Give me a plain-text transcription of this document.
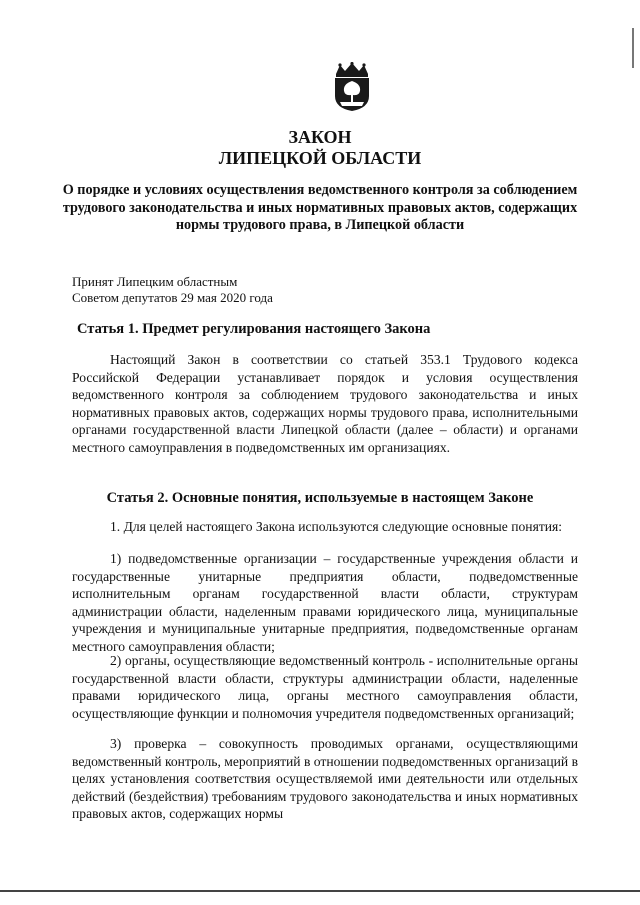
ЗАКОН
ЛИПЕЦКОЙ ОБЛАСТИ
О порядке и условиях осуществления ведомственного контроля за соблюдением трудового законодательства и иных нормативных правовых актов, содержащих нормы трудового права, в Липецкой области
Принят Липецким областным
Советом депутатов 29 мая 2020 года
Статья 1. Предмет регулирования настоящего Закона
Настоящий Закон в соответствии со статьей 353.1 Трудового кодекса Российской Федерации устанавливает порядок и условия осуществления ведомственного контроля за соблюдением трудового законодательства и иных нормативных правовых актов, содержащих нормы трудового права, исполнительными органами государственной власти Липецкой области (далее – области) и органами местного самоуправления в подведомственных им организациях.
Статья 2. Основные понятия, используемые в настоящем Законе
1. Для целей настоящего Закона используются следующие основные понятия:
1) подведомственные организации – государственные учреждения области и государственные унитарные предприятия области, подведомственные исполнительным органам государственной власти области, структурам администрации области, наделенным правами юридического лица, муниципальные учреждения и муниципальные унитарные предприятия, подведомственные органам местного самоуправления области;
2) органы, осуществляющие ведомственный контроль - исполнительные органы государственной власти области, структуры администрации области, наделенные правами юридического лица, органы местного самоуправления области, осуществляющие функции и полномочия учредителя подведомственных организаций;
3) проверка – совокупность проводимых органами, осуществляющими ведомственный контроль, мероприятий в отношении подведомственных организаций в целях установления соответствия осуществляемой ими деятельности или отдельных действий (бездействия) требованиям трудового законодательства и иных нормативных правовых актов, содержащих нормы
